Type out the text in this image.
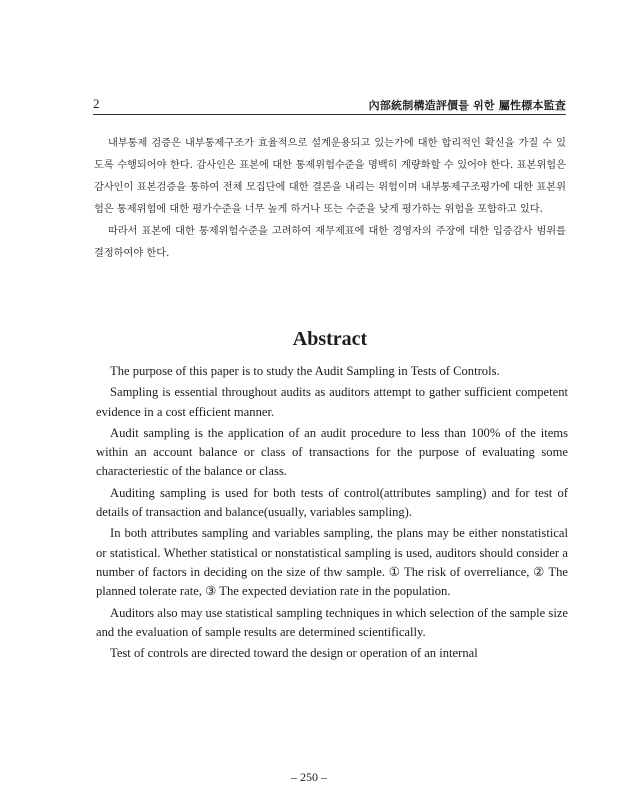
2	內部統制構造評價를 위한 屬性標本監査

내부통제 검증은 내부통제구조가 효율적으로 설계운용되고 있는가에 대한 합리적인 확신을 가질 수 있도록 수행되어야 한다. 감사인은 표본에 대한 통제위험수준을 명백히 계량화할 수 있어야 한다. 표본위험은 감사인이 표본검증을 통하여 전체 모집단에 대한 결론을 내리는 위험이며 내부통제구조평가에 대한 표본위험은 통제위험에 대한 평가수준을 너무 높게 하거나 또는 수준을 낮게 평가하는 위험을 포함하고 있다.

따라서 표본에 대한 통제위험수준을 고려하여 재무제표에 대한 경영자의 주장에 대한 입증감사 범위를 결정하여야 한다.

Abstract

The purpose of this paper is to study the Audit Sampling in Tests of Controls.

Sampling is essential throughout audits as auditors attempt to gather sufficient competent evidence in a cost efficient manner.

Audit sampling is the application of an audit procedure to less than 100% of the items within an account balance or class of transactions for the purpose of evaluating some characteriestic of the balance or class.

Auditing sampling is used for both tests of control(attributes sampling) and for test of details of transaction and balance(usually, variables sampling).

In both attributes sampling and variables sampling, the plans may be either nonstatistical or statistical. Whether statistical or nonstatistical sampling is used, auditors should consider a number of factors in deciding on the size of thw sample. ① The risk of overreliance, ② The planned tolerate rate, ③ The expected deviation rate in the population.

Auditors also may use statistical sampling techniques in which selection of the sample size and the evaluation of sample results are determined scientifically.

Test of controls are directed toward the design or operation of an internal

– 250 –
